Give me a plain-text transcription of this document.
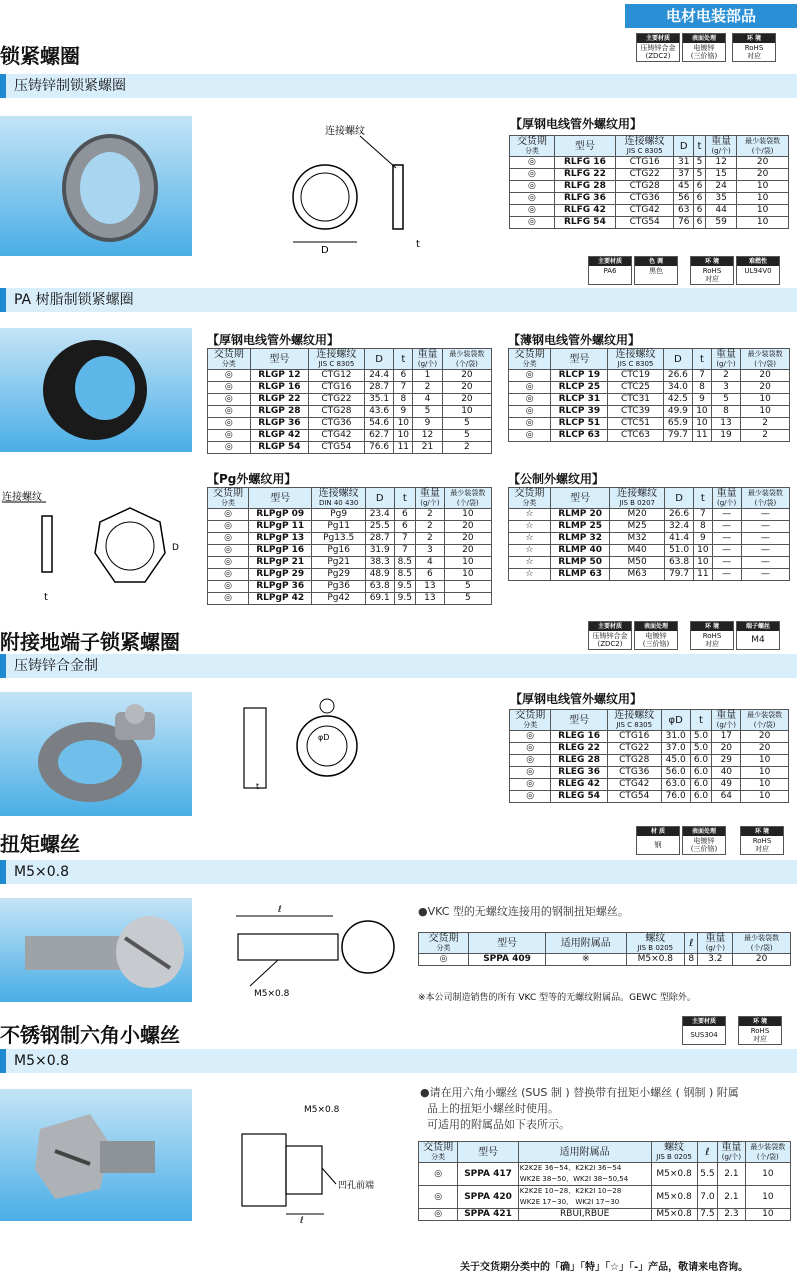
电材电装部品
锁紧螺圈
主要材质
压铸锌合金
(ZDC2)
表面处理
电镀锌
(三价铬)
环 境
RoHS
对应
压铸锌制锁紧螺圈
连接螺纹
D
t
【厚钢电线管外螺纹用】
交货期
分类	型号	连接螺纹
JIS C 8305	D	t	重量
(g/个)	最少装袋数
(个/袋)

◎	RLFG 16	CTG16	31	5	12	20
◎	RLFG 22	CTG22	37	5	15	20
◎	RLFG 28	CTG28	45	6	24	10
◎	RLFG 36	CTG36	56	6	35	10
◎	RLFG 42	CTG42	63	6	44	10
◎	RLFG 54	CTG54	76	6	59	10
主要材质
PA6
色 调
黑色
环 境
RoHS
对应
难燃性
UL94V0
PA 树脂制锁紧螺圈
连接螺纹
t
D
【厚钢电线管外螺纹用】
交货期
分类	型号	连接螺纹
JIS C 8305	D	t	重量
(g/个)	最少装袋数
(个/袋)

◎	RLGP 12	CTG12	24.4	6	1	20
◎	RLGP 16	CTG16	28.7	7	2	20
◎	RLGP 22	CTG22	35.1	8	4	20
◎	RLGP 28	CTG28	43.6	9	5	10
◎	RLGP 36	CTG36	54.6	10	9	5
◎	RLGP 42	CTG42	62.7	10	12	5
◎	RLGP 54	CTG54	76.6	11	21	2
【薄钢电线管外螺纹用】
交货期
分类	型号	连接螺纹
JIS C 8305	D	t	重量
(g/个)	最少装袋数
(个/袋)

◎	RLCP 19	CTC19	26.6	7	2	20
◎	RLCP 25	CTC25	34.0	8	3	20
◎	RLCP 31	CTC31	42.5	9	5	10
◎	RLCP 39	CTC39	49.9	10	8	10
◎	RLCP 51	CTC51	65.9	10	13	2
◎	RLCP 63	CTC63	79.7	11	19	2
【Pg外螺纹用】
交货期
分类	型号	连接螺纹
DIN 40 430	D	t	重量
(g/个)	最少装袋数
(个/袋)

◎	RLPgP 09	Pg9	23.4	6	2	10
◎	RLPgP 11	Pg11	25.5	6	2	20
◎	RLPgP 13	Pg13.5	28.7	7	2	20
◎	RLPgP 16	Pg16	31.9	7	3	20
◎	RLPgP 21	Pg21	38.3	8.5	4	10
◎	RLPgP 29	Pg29	48.9	8.5	6	10
◎	RLPgP 36	Pg36	63.8	9.5	13	5
◎	RLPgP 42	Pg42	69.1	9.5	13	5
【公制外螺纹用】
交货期
分类	型号	连接螺纹
JIS B 0207	D	t	重量
(g/个)	最少装袋数
(个/袋)

☆	RLMP 20	M20	26.6	7	—	—
☆	RLMP 25	M25	32.4	8	—	—
☆	RLMP 32	M32	41.4	9	—	—
☆	RLMP 40	M40	51.0	10	—	—
☆	RLMP 50	M50	63.8	10	—	—
☆	RLMP 63	M63	79.7	11	—	—
附接地端子锁紧螺圈
主要材质
压铸锌合金
(ZDC2)
表面处理
电镀锌
(三价铬)
环 境
RoHS
对应
端子螺丝
M4
压铸锌合金制
t
φD
【厚钢电线管外螺纹用】
交货期
分类	型号	连接螺纹
JIS C 8305	φD	t	重量
(g/个)	最少装袋数
(个/袋)

◎	RLEG 16	CTG16	31.0	5.0	17	20
◎	RLEG 22	CTG22	37.0	5.0	20	20
◎	RLEG 28	CTG28	45.0	6.0	29	10
◎	RLEG 36	CTG36	56.0	6.0	40	10
◎	RLEG 42	CTG42	63.0	6.0	49	10
◎	RLEG 54	CTG54	76.0	6.0	64	10
扭矩螺丝
材 质
钢
表面处理
电镀锌
(三价铬)
环 境
RoHS
对应
M5×0.8
ℓ
M5×0.8
●VKC 型的无螺纹连接用的钢制扭矩螺丝。
交货期
分类	型号	适用附属品	螺纹
JIS B 0205	ℓ	重量
(g/个)	最少装袋数
(个/袋)

◎	SPPA 409	※	M5×0.8	8	3.2	20
※本公司制造销售的所有 VKC 型等的无螺纹附属品。GEWC 型除外。
不锈钢制六角小螺丝
主要材质
SUS304
环 境
RoHS
对应
M5×0.8
M5×0.8
ℓ
凹孔前端
●请在用六角小螺丝 (SUS 制 ) 替换带有扭矩小螺丝 ( 钢制 ) 附属
品上的扭矩小螺丝时使用。
可适用的附属品如下表所示。
交货期
分类	型号	适用附属品	螺纹
JIS B 0205	ℓ	重量
(g/个)	最少装袋数
(个/袋)

◎	SPPA 417	K2K2E 36~54、K2K2I 36~54
WK2E 38~50、WK2I 38~50,54	M5×0.8	5.5	2.1	10
◎	SPPA 420	K2K2E 10~28、K2K2I 10~28
WK2E 17~30、 WK2I 17~30	M5×0.8	7.0	2.1	10
◎	SPPA 421	RBUI,RBUE	M5×0.8	7.5	2.3	10
关于交货期分类中的「确」「特」「☆」「-」产品，敬请来电咨询。
